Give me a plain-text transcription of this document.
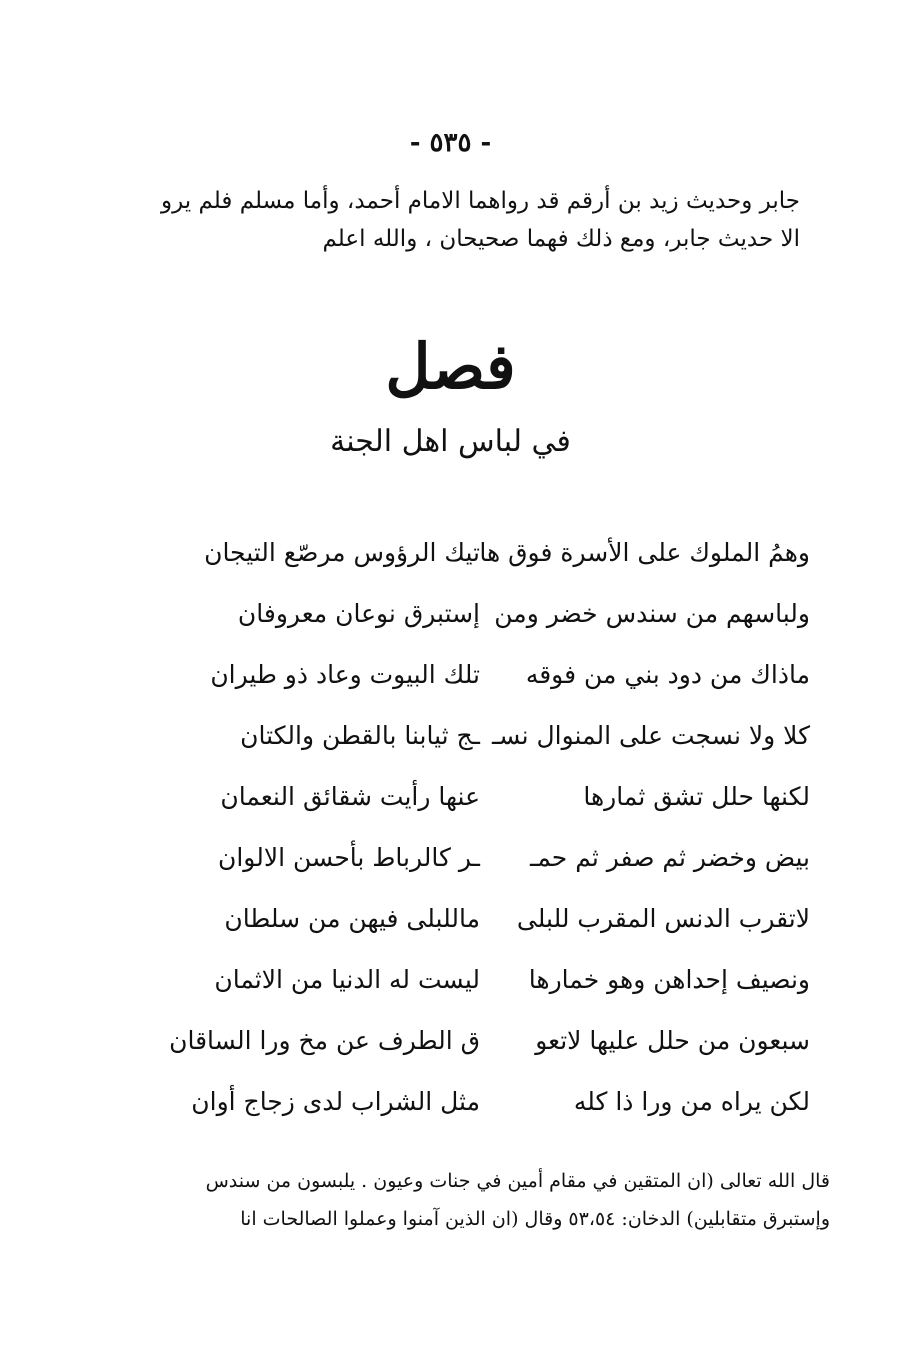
- ٥٣٥ -
جابر وحديث زيد بن أرقم قد رواهما الامام أحمد، وأما مسلم فلم يرو
الا حديث جابر، ومع ذلك فهما صحيحان ، والله اعلم
فصل
في لباس اهل الجنة
وهمُ الملوك على الأسرة فوق ها
تيك الرؤوس مرصّع التيجان
ولباسهم من سندس خضر ومن
إستبرق نوعان معروفان
ماذاك من دود بني من فوقه
تلك البيوت وعاد ذو طيران
كلا ولا نسجت على المنوال نسـ
ـج ثيابنا بالقطن والكتان
لكنها حلل تشق ثمارها
عنها رأيت شقائق النعمان
بيض وخضر ثم صفر ثم حمـ
ـر كالرباط بأحسن الالوان
لاتقرب الدنس المقرب للبلى
ماللبلى فيهن من سلطان
ونصيف إحداهن وهو خمارها
ليست له الدنيا من الاثمان
سبعون من حلل عليها لاتعو
ق الطرف عن مخ ورا الساقان
لكن يراه من ورا ذا كله
مثل الشراب لدى زجاج أوان
قال الله تعالى (ان المتقين في مقام أمين في جنات وعيون . يلبسون من سندس
وإستبرق متقابلين) الدخان: ٥٣،٥٤ وقال (ان الذين آمنوا وعملوا الصالحات انا
